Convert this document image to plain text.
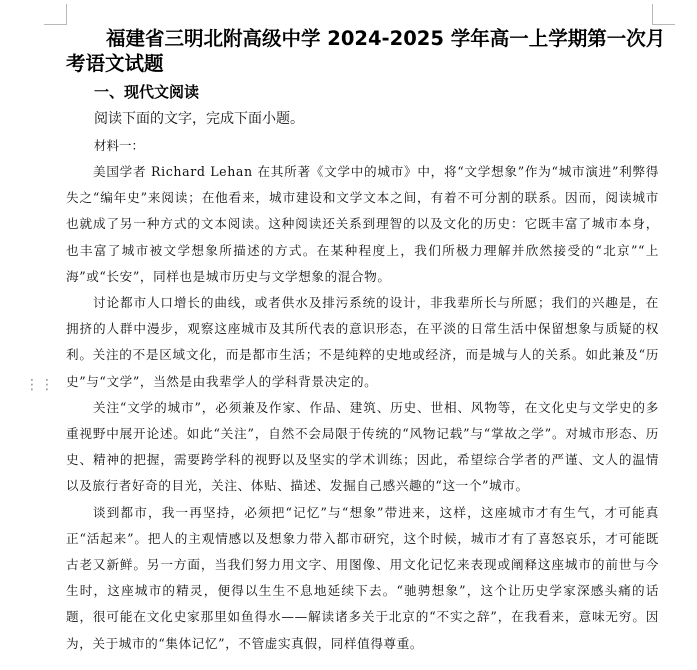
⋮⋮
福建省三明北附高级中学 2024-2025 学年高一上学期第一次月考语文试题
一、现代文阅读

阅读下面的文字，完成下面小题。

材料一：

美国学者 Richard Lehan 在其所著《文学中的城市》中，将“文学想象”作为“城市演进”利弊得失之“编年史”来阅读；在他看来，城市建设和文学文本之间，有着不可分割的联系。因而，阅读城市也就成了另一种方式的文本阅读。这种阅读还关系到理智的以及文化的历史：它既丰富了城市本身，也丰富了城市被文学想象所描述的方式。在某种程度上，我们所极力理解并欣然接受的“北京”“上海”或“长安”，同样也是城市历史与文学想象的混合物。

讨论都市人口增长的曲线，或者供水及排污系统的设计，非我辈所长与所愿；我们的兴趣是，在拥挤的人群中漫步，观察这座城市及其所代表的意识形态，在平淡的日常生活中保留想象与质疑的权利。关注的不是区域文化，而是都市生活；不是纯粹的史地或经济，而是城与人的关系。如此兼及“历史”与“文学”，当然是由我辈学人的学科背景决定的。

关注“文学的城市”，必须兼及作家、作品、建筑、历史、世相、风物等，在文化史与文学史的多重视野中展开论述。如此“关注”，自然不会局限于传统的“风物记载”与“掌故之学”。对城市形态、历史、精神的把握，需要跨学科的视野以及坚实的学术训练；因此，希望综合学者的严谨、文人的温情以及旅行者好奇的目光，关注、体贴、描述、发掘自己感兴趣的“这一个”城市。

谈到都市，我一再坚持，必须把“记忆”与“想象”带进来，这样，这座城市才有生气，才可能真正“活起来”。把人的主观情感以及想象力带入都市研究，这个时候，城市才有了喜怒哀乐，才可能既古老又新鲜。另一方面，当我们努力用文字、用图像、用文化记忆来表现或阐释这座城市的前世与今生时，这座城市的精灵，便得以生生不息地延续下去。“驰骋想象”，这个让历史学家深感头痛的话题，很可能在文化史家那里如鱼得水——解读诸多关于北京的“不实之辞”，在我看来，意味无穷。因为，关于城市的“集体记忆”，不管虚实真假，同样值得尊重。
